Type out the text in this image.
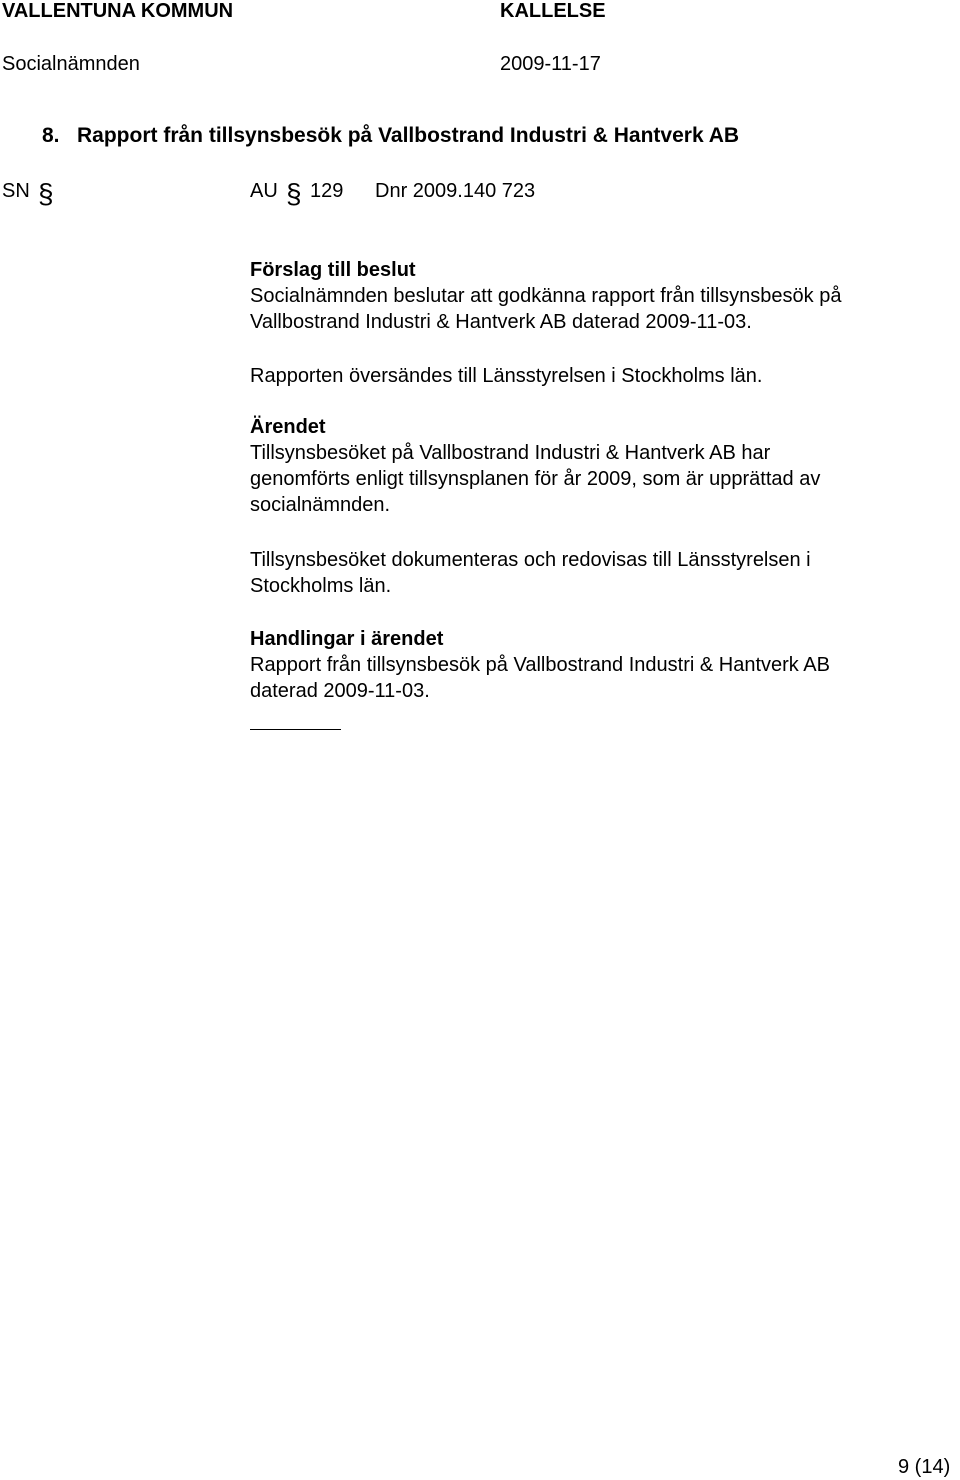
VALLENTUNA KOMMUN	KALLELSE
Socialnämnden	2009-11-17
8. Rapport från tillsynsbesök på Vallbostrand Industri & Hantverk AB
SN §	AU § 129 Dnr 2009.140 723
Förslag till beslut
Socialnämnden beslutar att godkänna rapport från tillsynsbesök på
Vallbostrand Industri & Hantverk AB daterad 2009-11-03.
Rapporten översändes till Länsstyrelsen i Stockholms län.
Ärendet
Tillsynsbesöket på Vallbostrand Industri & Hantverk AB har
genomförts enligt tillsynsplanen för år 2009, som är upprättad av
socialnämnden.
Tillsynsbesöket dokumenteras och redovisas till Länsstyrelsen i
Stockholms län.
Handlingar i ärendet
Rapport från tillsynsbesök på Vallbostrand Industri & Hantverk AB
daterad 2009-11-03.
9 (14)
